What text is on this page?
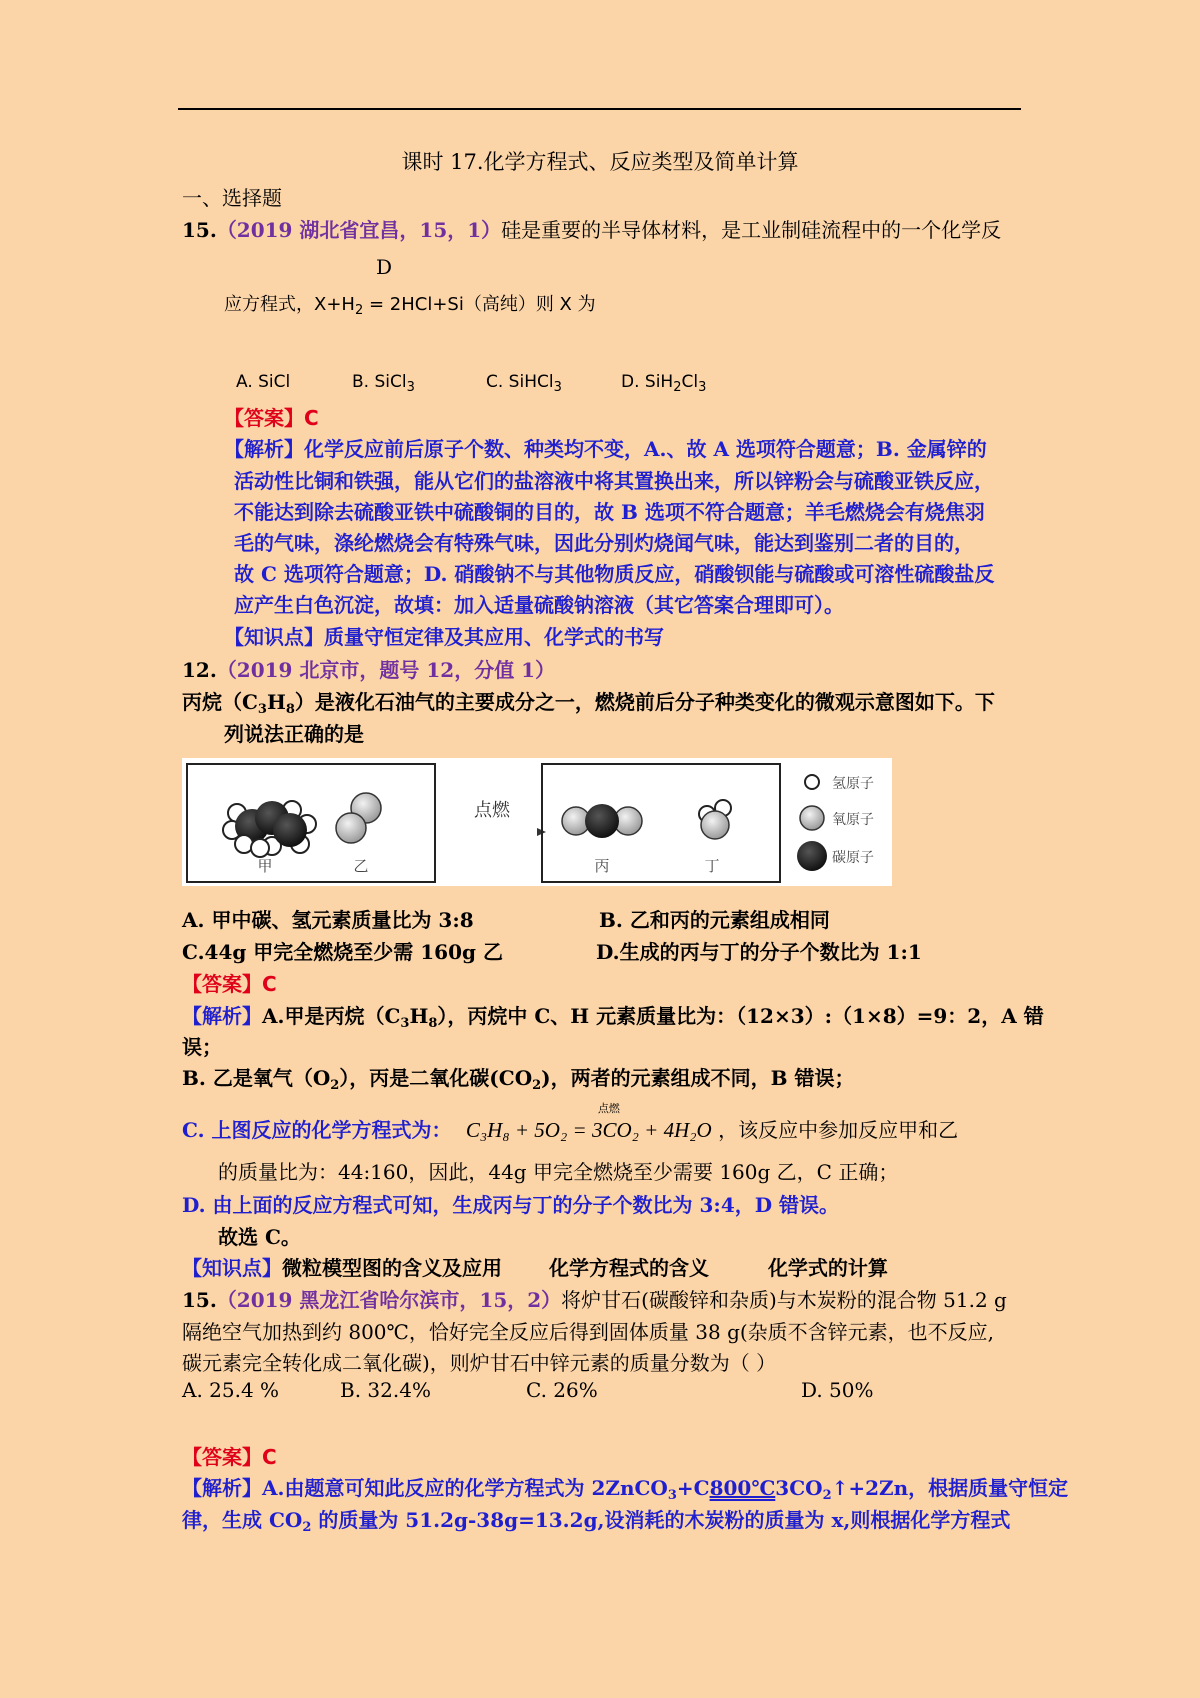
课时 17.化学方程式、反应类型及简单计算
一、选择题
15.（2019 湖北省宜昌，15，1）硅是重要的半导体材料，是工业制硅流程中的一个化学反
D
应方程式，$X+H_2 = 2HCl+Si$（高纯）则 X 为
A. SiCl	B. SiCl$_3$	C. SiHCl$_3$	D. $SiH_2Cl_3$
【答案】C
【解析】化学反应前后原子个数、种类均不变，A.、故 A 选项符合题意；B. 金属锌的
活动性比铜和铁强，能从它们的盐溶液中将其置换出来，所以锌粉会与硫酸亚铁反应，
不能达到除去硫酸亚铁中硫酸铜的目的，故 B 选项不符合题意；羊毛燃烧会有烧焦羽
毛的气味，涤纶燃烧会有特殊气味，因此分别灼烧闻气味，能达到鉴别二者的目的，
故 C 选项符合题意；D. 硝酸钠不与其他物质反应，硝酸钡能与硫酸或可溶性硫酸盐反
应产生白色沉淀，故填：加入适量硫酸钠溶液（其它答案合理即可）。
【知识点】质量守恒定律及其应用、化学式的书写
12.（2019 北京市，题号 12，分值 1）
丙烷$(C_3H_8)$是液化石油气的主要成分之一，燃烧前后分子种类变化的微观示意图如下。下
列说法正确的是
甲	乙
点燃
丙	丁
氢原子
氧原子
碳原子
A. 甲中碳、氢元素质量比为 3:8	B. 乙和丙的元素组成相同
C.44g 甲完全燃烧至少需 160g 乙	D.生成的丙与丁的分子个数比为 1:1
【答案】C
【解析】A.甲是丙烷$(C_3H_8)$，丙烷中 C、H 元素质量比为：（12×3）:（1×8）=9：2，A 错
误；
B. 乙是氧气$(O_2)$，丙是二氧化碳$(CO_2)$，两者的元素组成不同，B 错误；
C. 上图反应的化学方程式为：
点燃
C₃H₈ + 5O₂ = 3CO₂ + 4H₂O ，该反应中参加反应甲和乙
的质量比为：44:160，因此，44g 甲完全燃烧至少需要 160g 乙，C 正确；
D. 由上面的反应方程式可知，生成丙与丁的分子个数比为 3:4，D 错误。
故选 C。
【知识点】微粒模型图的含义及应用 化学方程式的含义	化学式的计算
15.（2019 黑龙江省哈尔滨市，15，2）将炉甘石(碳酸锌和杂质)与木炭粉的混合物 51.2 g
隔绝空气加热到约 800℃，恰好完全反应后得到固体质量 38 g(杂质不含锌元素，也不反应,
碳元素完全转化成二氧化碳)，则炉甘石中锌元素的质量分数为（ ）
A. 25.4 %	B. 32.4%	C. 26%	D. 50%
【答案】C
【解析】A.由题意可知此反应的化学方程式为 $2ZnCO_3+C800℃3CO_2↑+2Zn$，根据质量守恒定
律，生成 $CO_2$ 的质量为 51.2g-38g=13.2g,设消耗的木炭粉的质量为 x,则根据化学方程式
